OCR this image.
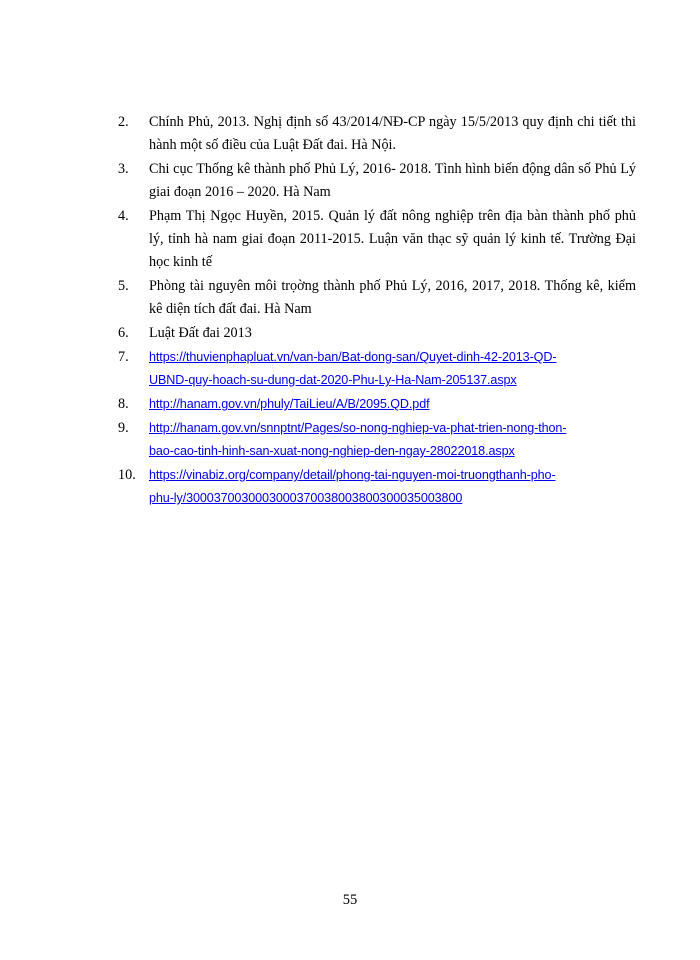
2.	Chính Phủ, 2013. Nghị định số 43/2014/NĐ-CP ngày 15/5/2013 quy định chi tiết thi hành một số điều của Luật Đất đai. Hà Nội.
3.	Chi cục Thống kê thành phố Phủ Lý, 2016- 2018. Tình hình biến động dân số Phủ Lý giai đoạn 2016 – 2020. Hà Nam
4.	Phạm Thị Ngọc Huyền, 2015. Quản lý đất nông nghiệp trên địa bàn thành phố phủ lý, tỉnh hà nam giai đoạn 2011-2015. Luận văn thạc sỹ quản lý kinh tế. Trường Đại học kinh tế
5.	Phòng tài nguyên môi trọờng thành phố Phủ Lý, 2016, 2017, 2018. Thống kê, kiểm kê diện tích đất đai. Hà Nam
6.	Luật Đất đai 2013
7.	https://thuvienphapluat.vn/van-ban/Bat-dong-san/Quyet-dinh-42-2013-QD-
UBND-quy-hoach-su-dung-dat-2020-Phu-Ly-Ha-Nam-205137.aspx
8.	http://hanam.gov.vn/phuly/TaiLieu/A/B/2095.QD.pdf
9.	http://hanam.gov.vn/snnptnt/Pages/so-nong-nghiep-va-phat-trien-nong-thon-
bao-cao-tinh-hinh-san-xuat-nong-nghiep-den-ngay-28022018.aspx
10.	https://vinabiz.org/company/detail/phong-tai-nguyen-moi-truongthanh-pho-
phu-ly/3000370030003000370038003800300035003800
55
